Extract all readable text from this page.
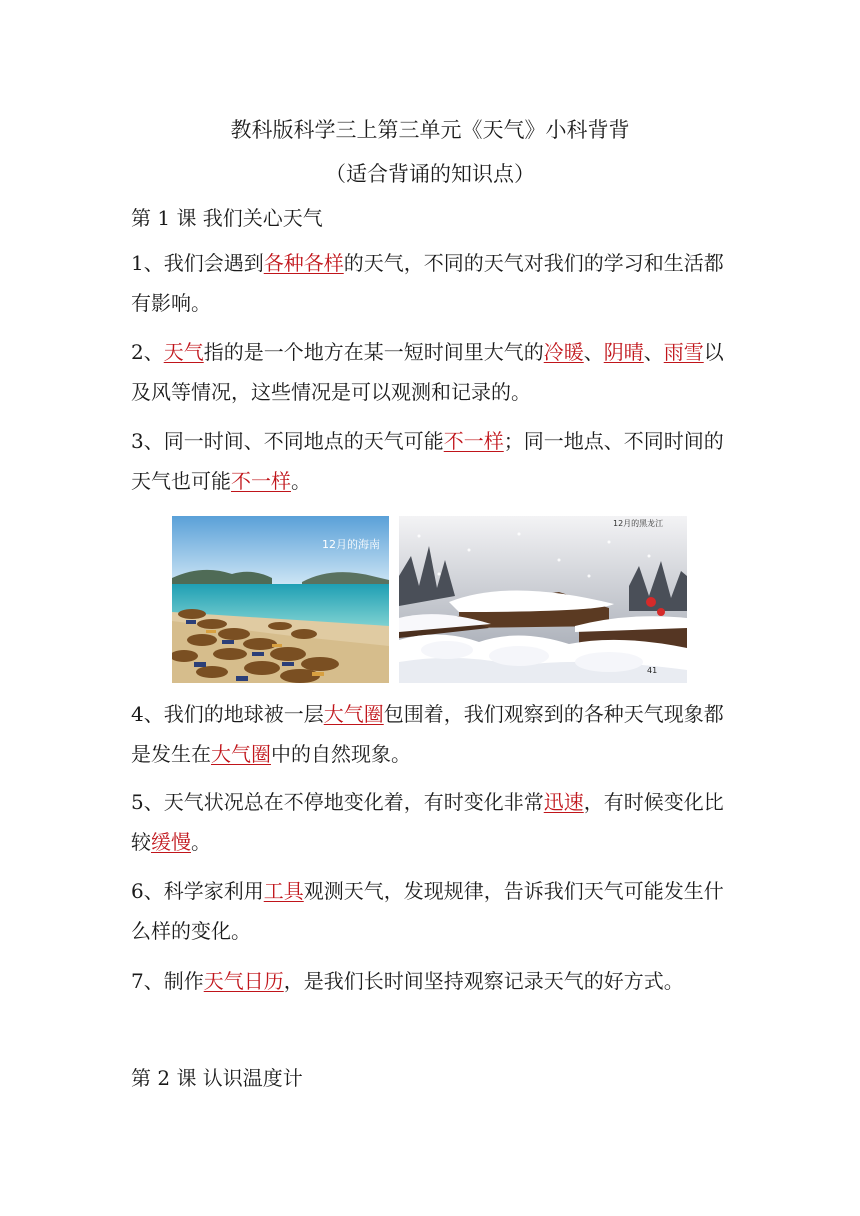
教科版科学三上第三单元《天气》小科背背
（适合背诵的知识点）
第 1 课 我们关心天气
1、我们会遇到各种各样的天气，不同的天气对我们的学习和生活都
有影响。
2、天气指的是一个地方在某一短时间里大气的冷暖、阴晴、雨雪以
及风等情况，这些情况是可以观测和记录的。
3、同一时间、不同地点的天气可能不一样；同一地点、不同时间的
天气也可能不一样。
12月的海南
12月的黑龙江
41
4、我们的地球被一层大气圈包围着，我们观察到的各种天气现象都
是发生在大气圈中的自然现象。
5、天气状况总在不停地变化着，有时变化非常迅速，有时候变化比
较缓慢。
6、科学家利用工具观测天气，发现规律，告诉我们天气可能发生什
么样的变化。
7、制作天气日历，是我们长时间坚持观察记录天气的好方式。
第 2 课 认识温度计
